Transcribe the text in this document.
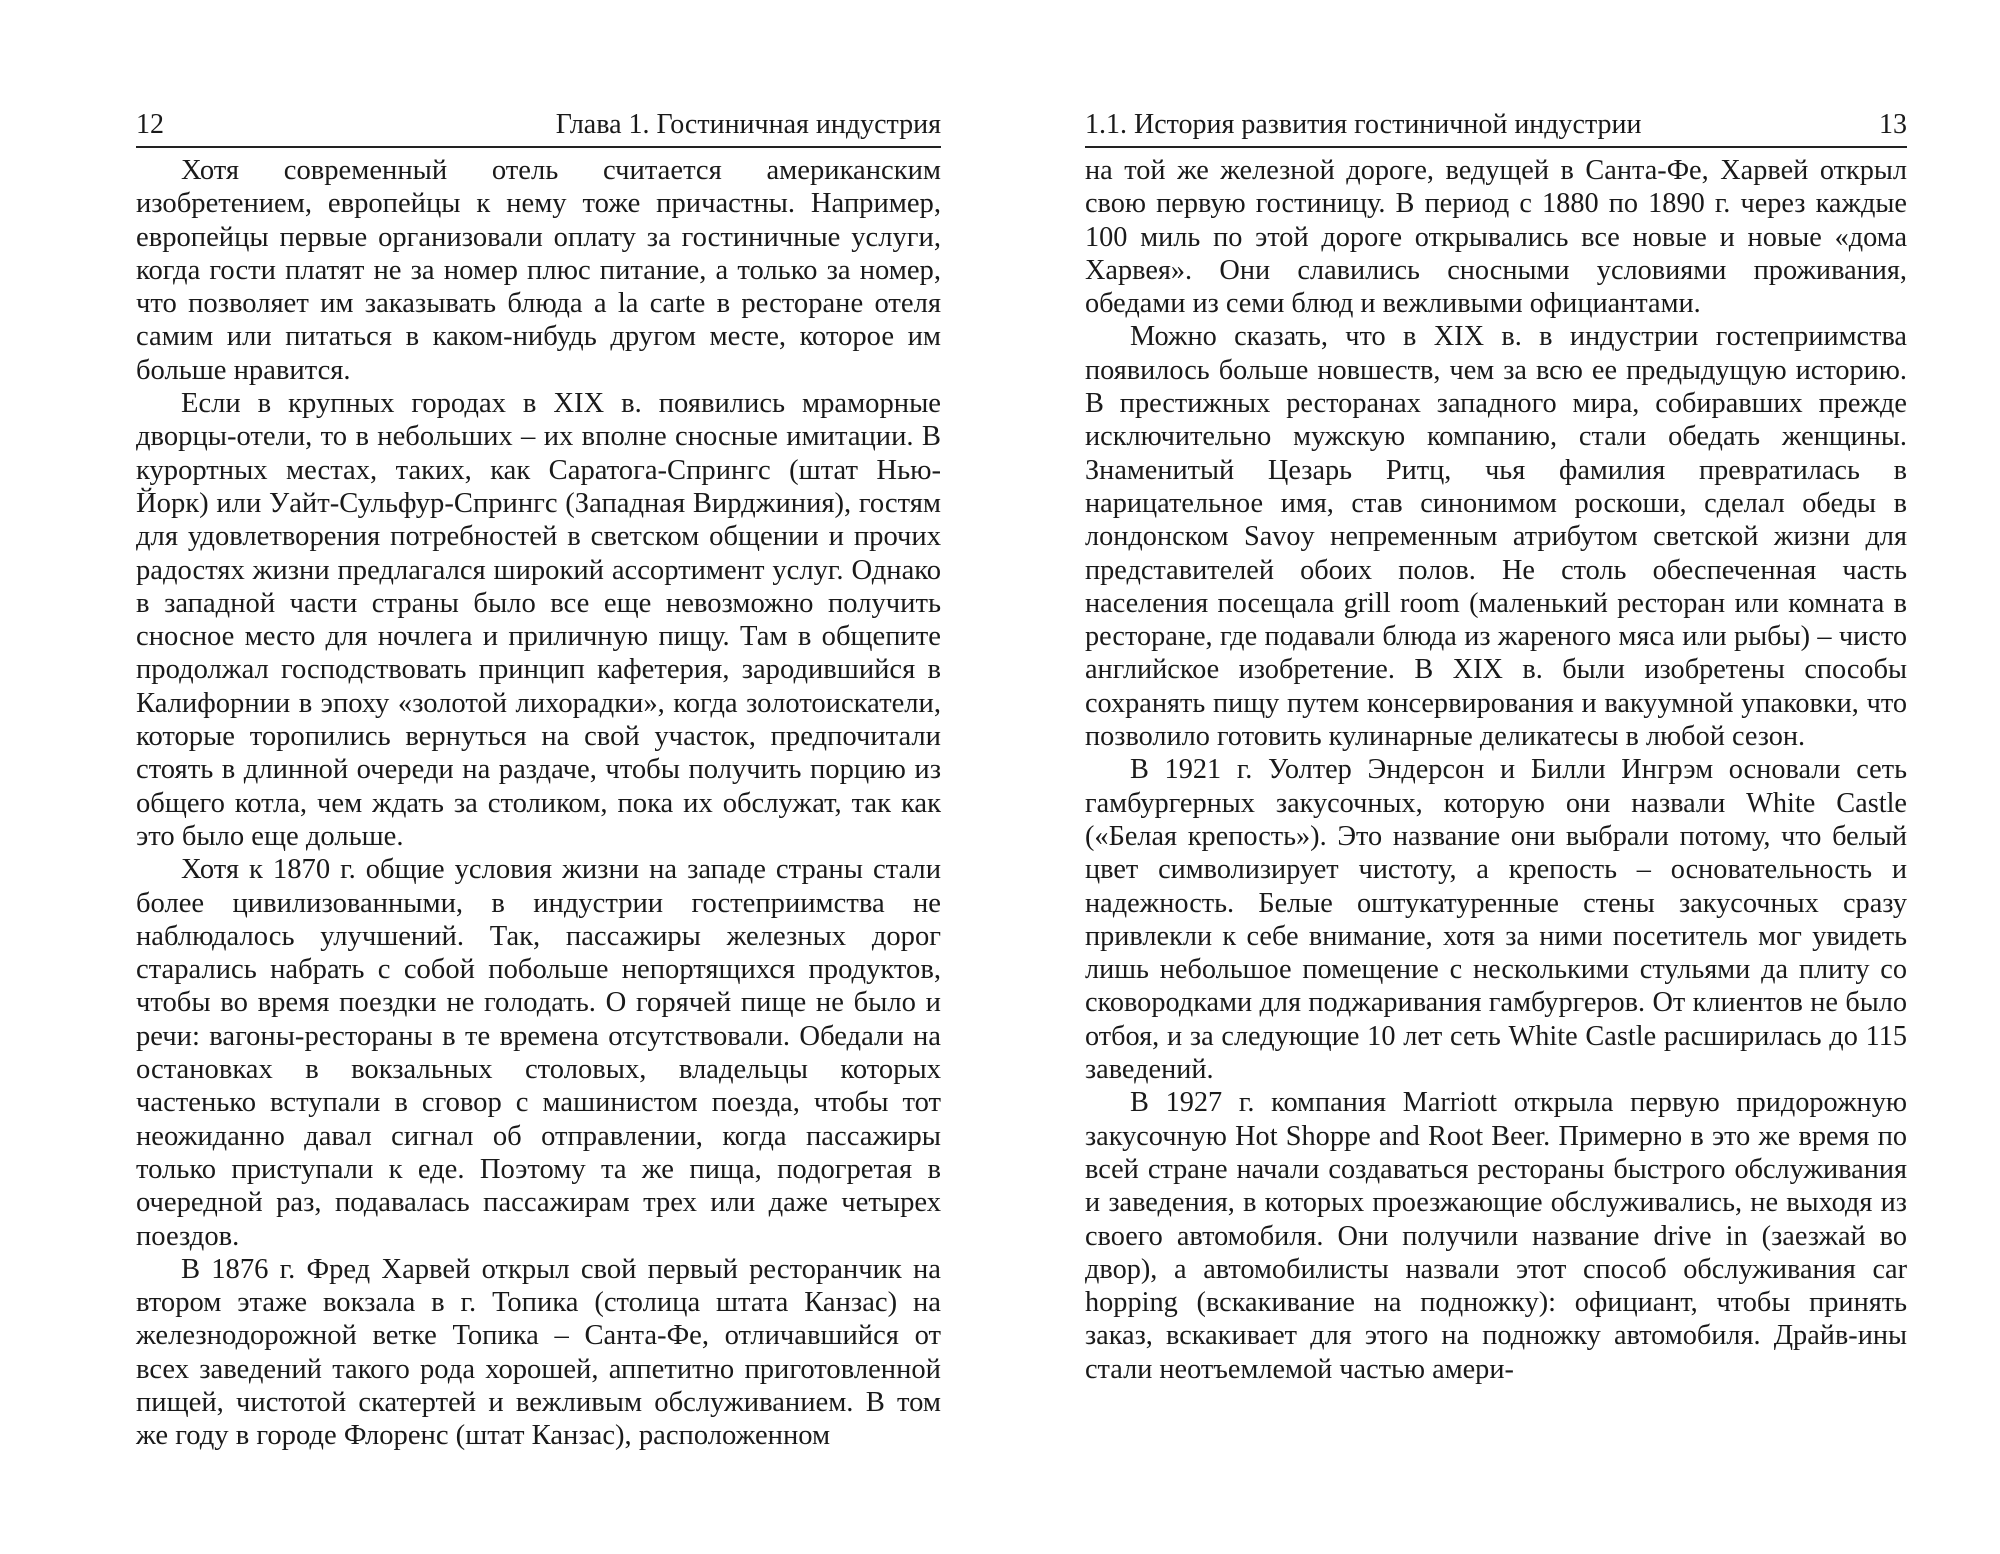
12	Глава 1. Гостиничная индустрия

Хотя современный отель считается американским изобретением, европейцы к нему тоже причастны. Например, европейцы первые организовали оплату за гостиничные услуги, когда гости платят не за номер плюс питание, а только за номер, что позволяет им заказывать блюда a la carte в ресторане отеля самим или питаться в каком-нибудь другом месте, которое им больше нравится.

Если в крупных городах в XIX в. появились мраморные дворцы-отели, то в небольших – их вполне сносные имитации. В курортных местах, таких, как Саратога-Спрингс (штат Нью-Йорк) или Уайт-Сульфур-Спрингс (Западная Вирджиния), гостям для удовлетворения потребностей в светском общении и прочих радостях жизни предлагался широкий ассортимент услуг. Однако в западной части страны было все еще невозможно получить сносное место для ночлега и приличную пищу. Там в общепите продолжал господствовать принцип кафетерия, зародившийся в Калифорнии в эпоху «золотой лихорадки», когда золотоискатели, которые торопились вернуться на свой участок, предпочитали стоять в длинной очереди на раздаче, чтобы получить порцию из общего котла, чем ждать за столиком, пока их обслужат, так как это было еще дольше.

Хотя к 1870 г. общие условия жизни на западе страны стали более цивилизованными, в индустрии гостеприимства не наблюдалось улучшений. Так, пассажиры железных дорог старались набрать с собой побольше непортящихся продуктов, чтобы во время поездки не голодать. О горячей пище не было и речи: вагоны-рестораны в те времена отсутствовали. Обедали на остановках в вокзальных столовых, владельцы которых частенько вступали в сговор с машинистом поезда, чтобы тот неожиданно давал сигнал об отправлении, когда пассажиры только приступали к еде. Поэтому та же пища, подогретая в очередной раз, подавалась пассажирам трех или даже четырех поездов.

В 1876 г. Фред Харвей открыл свой первый ресторанчик на втором этаже вокзала в г. Топика (столица штата Канзас) на железнодорожной ветке Топика – Санта-Фе, отличавшийся от всех заведений такого рода хорошей, аппетитно приготовленной пищей, чистотой скатертей и вежливым обслуживанием. В том же году в городе Флоренс (штат Канзас), расположенном

1.1. История развития гостиничной индустрии	13

на той же железной дороге, ведущей в Санта-Фе, Харвей открыл свою первую гостиницу. В период с 1880 по 1890 г. через каждые 100 миль по этой дороге открывались все новые и новые «дома Харвея». Они славились сносными условиями проживания, обедами из семи блюд и вежливыми официантами.

Можно сказать, что в XIX в. в индустрии гостеприимства появилось больше новшеств, чем за всю ее предыдущую историю. В престижных ресторанах западного мира, собиравших прежде исключительно мужскую компанию, стали обедать женщины. Знаменитый Цезарь Ритц, чья фамилия превратилась в нарицательное имя, став синонимом роскоши, сделал обеды в лондонском Savoy непременным атрибутом светской жизни для представителей обоих полов. Не столь обеспеченная часть населения посещала grill room (маленький ресторан или комната в ресторане, где подавали блюда из жареного мяса или рыбы) – чисто английское изобретение. В XIX в. были изобретены способы сохранять пищу путем консервирования и вакуумной упаковки, что позволило готовить кулинарные деликатесы в любой сезон.

В 1921 г. Уолтер Эндерсон и Билли Ингрэм основали сеть гамбургерных закусочных, которую они назвали White Castle («Белая крепость»). Это название они выбрали потому, что белый цвет символизирует чистоту, а крепость – основательность и надежность. Белые оштукатуренные стены закусочных сразу привлекли к себе внимание, хотя за ними посетитель мог увидеть лишь небольшое помещение с несколькими стульями да плиту со сковородками для поджаривания гамбургеров. От клиентов не было отбоя, и за следующие 10 лет сеть White Castle расширилась до 115 заведений.

В 1927 г. компания Marriott открыла первую придорожную закусочную Hot Shoppe and Root Beer. Примерно в это же время по всей стране начали создаваться рестораны быстрого обслуживания и заведения, в которых проезжающие обслуживались, не выходя из своего автомобиля. Они получили название drive in (заезжай во двор), а автомобилисты назвали этот способ обслуживания car hopping (вскакивание на подножку): официант, чтобы принять заказ, вскакивает для этого на подножку автомобиля. Драйв-ины стали неотъемлемой частью амери-
